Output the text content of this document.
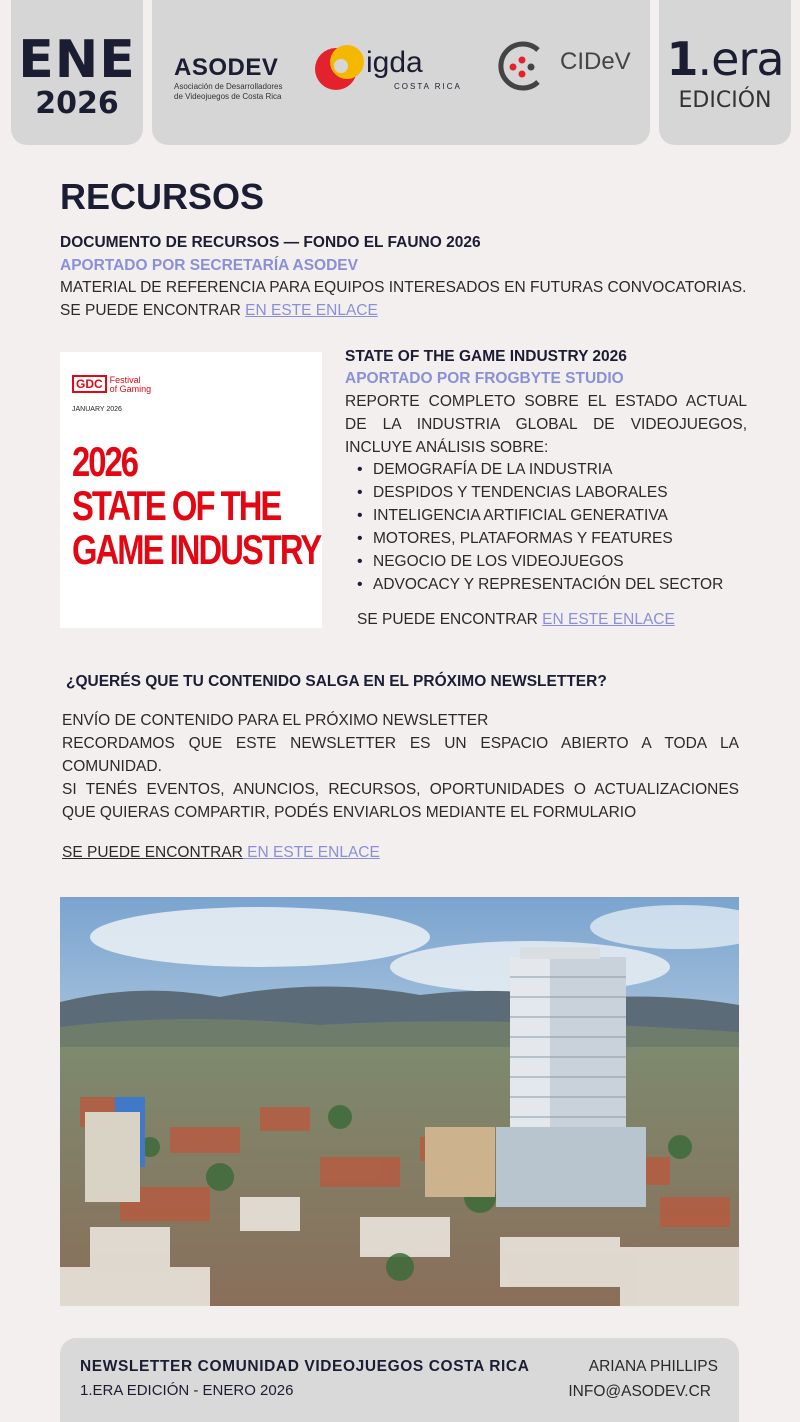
ENE
2026
ASODEV
Asociación de Desarrolladores
de Videojuegos de Costa Rica
igda
COSTA RICA
CIDeV 1.era
EDICIÓN
RECURSOS
DOCUMENTO DE RECURSOS — FONDO EL FAUNO 2026
APORTADO POR SECRETARÍA ASODEV
MATERIAL DE REFERENCIA PARA EQUIPOS INTERESADOS EN FUTURAS CONVOCATORIAS.
SE PUEDE ENCONTRAR EN ESTE ENLACE
GDC Festival
of Gaming
JANUARY 2026
2026
STATE OF THE
GAME INDUSTRY
STATE OF THE GAME INDUSTRY 2026
APORTADO POR FROGBYTE STUDIO
REPORTE COMPLETO SOBRE EL ESTADO ACTUAL DE LA INDUSTRIA GLOBAL DE VIDEOJUEGOS, INCLUYE ANÁLISIS SOBRE:
• DEMOGRAFÍA DE LA INDUSTRIA
• DESPIDOS Y TENDENCIAS LABORALES
• INTELIGENCIA ARTIFICIAL GENERATIVA
• MOTORES, PLATAFORMAS Y FEATURES
• NEGOCIO DE LOS VIDEOJUEGOS
• ADVOCACY Y REPRESENTACIÓN DEL SECTOR
SE PUEDE ENCONTRAR EN ESTE ENLACE
¿QUERÉS QUE TU CONTENIDO SALGA EN EL PRÓXIMO NEWSLETTER?
ENVÍO DE CONTENIDO PARA EL PRÓXIMO NEWSLETTER
RECORDAMOS QUE ESTE NEWSLETTER ES UN ESPACIO ABIERTO A TODA LA COMUNIDAD.
SI TENÉS EVENTOS, ANUNCIOS, RECURSOS, OPORTUNIDADES O ACTUALIZACIONES QUE QUIERAS COMPARTIR, PODÉS ENVIARLOS MEDIANTE EL FORMULARIO
SE PUEDE ENCONTRAR EN ESTE ENLACE
NEWSLETTER COMUNIDAD VIDEOJUEGOS COSTA RICA
1.ERA EDICIÓN - ENERO 2026
ARIANA PHILLIPS
INFO@ASODEV.CR
